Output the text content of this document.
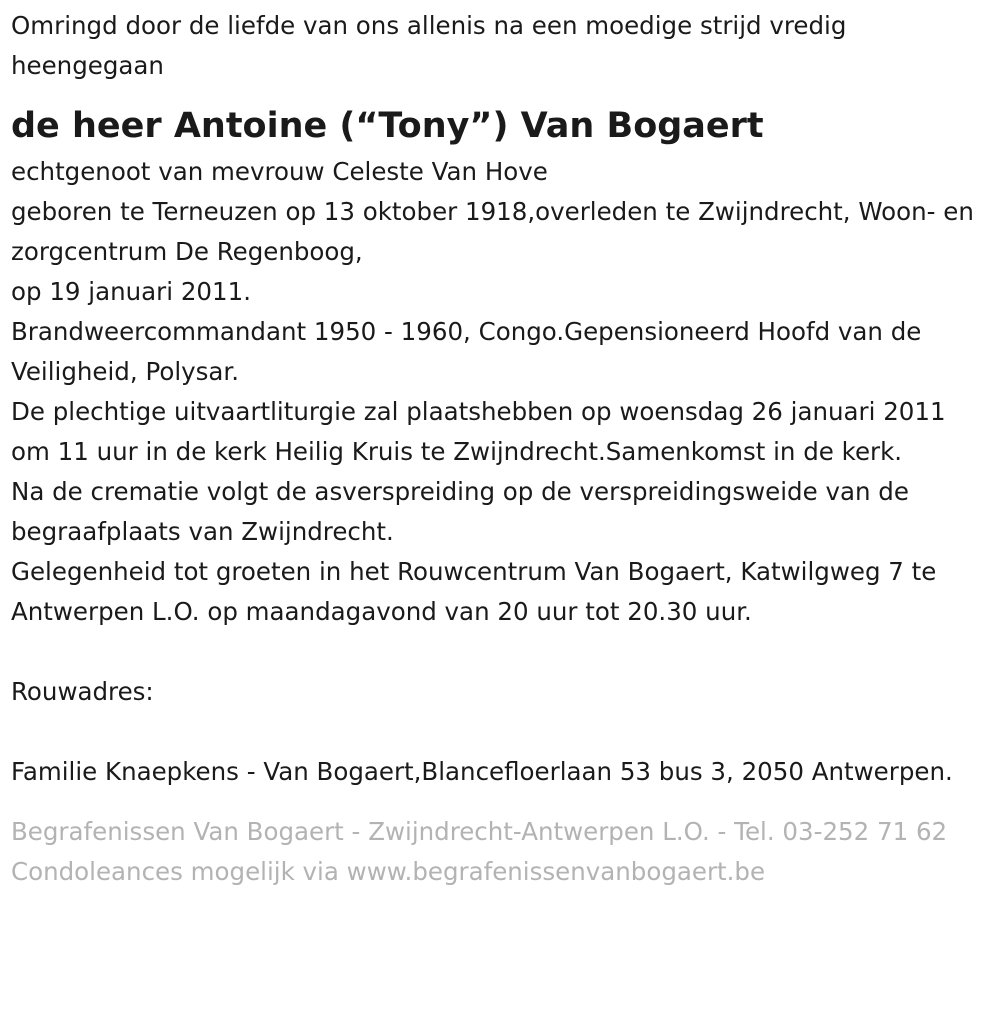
Omringd door de liefde van ons allenis na een moedige strijd vredig heengegaan
de heer Antoine (“Tony”) Van Bogaert
echtgenoot van mevrouw Celeste Van Hove
geboren te Terneuzen op 13 oktober 1918,overleden te Zwijndrecht, Woon- en zorgcentrum De Regenboog,
op 19 januari 2011.
Brandweercommandant 1950 - 1960, Congo.Gepensioneerd Hoofd van de Veiligheid, Polysar.
De plechtige uitvaartliturgie zal plaatshebben op woensdag 26 januari 2011 om 11 uur in de kerk Heilig Kruis te Zwijndrecht.Samenkomst in de kerk.
Na de crematie volgt de asverspreiding op de verspreidingsweide van de begraafplaats van Zwijndrecht.
Gelegenheid tot groeten in het Rouwcentrum Van Bogaert, Katwilgweg 7 te Antwerpen L.O. op maandagavond van 20 uur tot 20.30 uur.
Rouwadres:
Familie Knaepkens - Van Bogaert,Blancefloerlaan 53 bus 3, 2050 Antwerpen.
Begrafenissen Van Bogaert - Zwijndrecht-Antwerpen L.O. - Tel. 03-252 71 62 Condoleances mogelijk via www.begrafenissenvanbogaert.be
